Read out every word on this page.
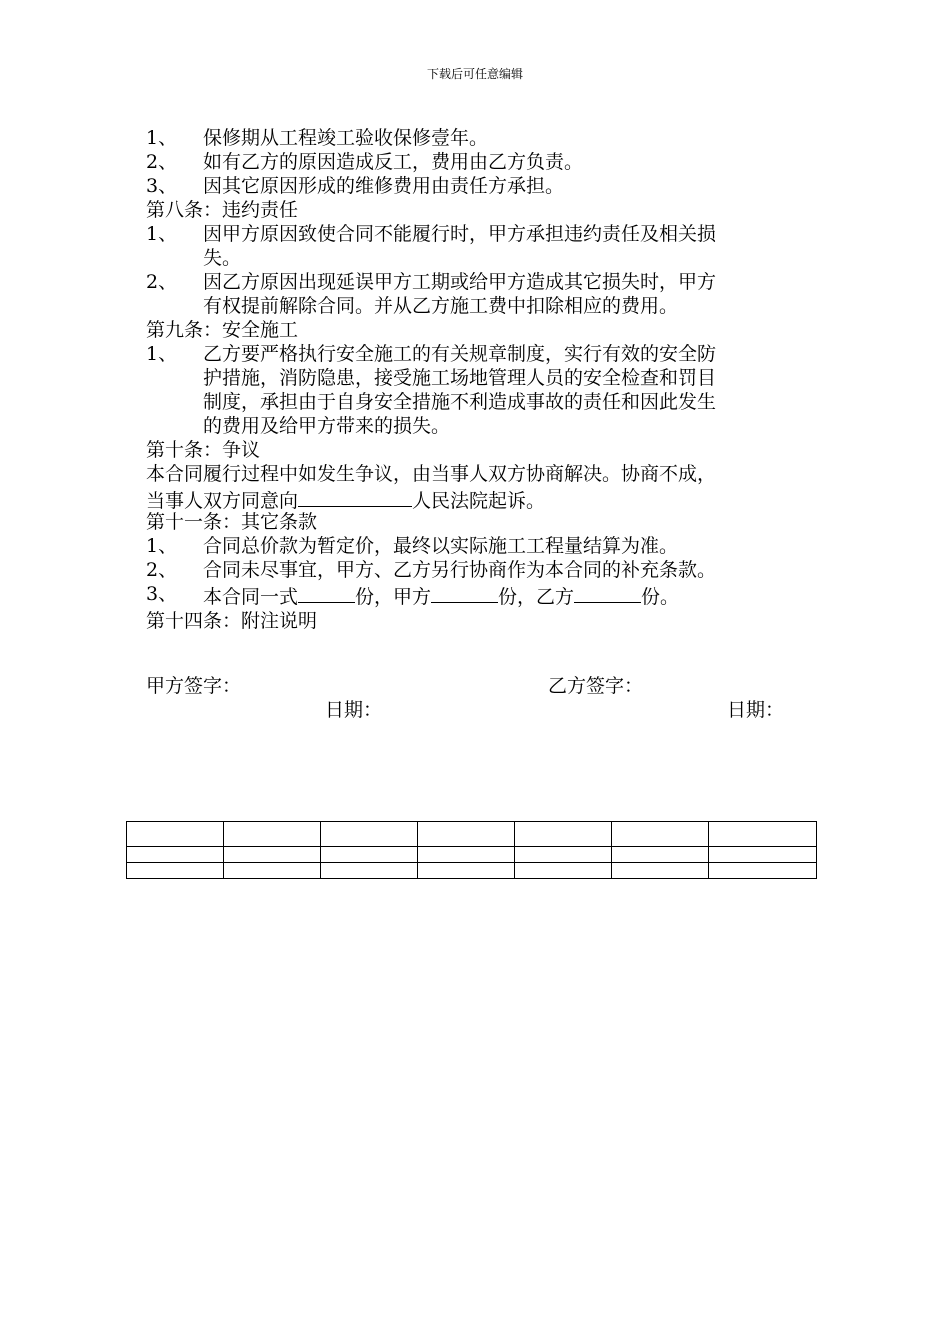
下载后可任意编辑
1、	保修期从工程竣工验收保修壹年。
2、	如有乙方的原因造成反工，费用由乙方负责。
3、	因其它原因形成的维修费用由责任方承担。
第八条：违约责任
1、	因甲方原因致使合同不能履行时，甲方承担违约责任及相关损
失。
2、	因乙方原因出现延误甲方工期或给甲方造成其它损失时，甲方
有权提前解除合同。并从乙方施工费中扣除相应的费用。
第九条：安全施工
1、	乙方要严格执行安全施工的有关规章制度，实行有效的安全防
护措施，消防隐患，接受施工场地管理人员的安全检查和罚目
制度，承担由于自身安全措施不利造成事故的责任和因此发生
的费用及给甲方带来的损失。
第十条：争议
本合同履行过程中如发生争议，由当事人双方协商解决。协商不成，
当事人双方同意向	人民法院起诉。
第十一条：其它条款
1、	合同总价款为暂定价，最终以实际施工工程量结算为准。
2、	合同未尽事宜，甲方、乙方另行协商作为本合同的补充条款。
3、	本合同一式	份，甲方	份，乙方	份。
第十四条：附注说明
甲方签字：	乙方签字：
日期：	日期：
